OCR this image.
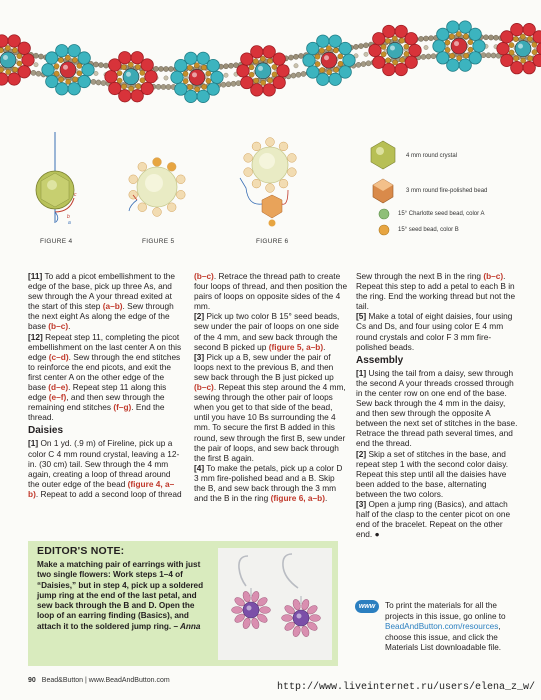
b
a
c
FIGURE 4	FIGURE 5	FIGURE 6
4 mm round crystal
3 mm round fire-polished bead
15° Charlotte seed bead, color A
15° seed bead, color B

[11] To add a picot embellishment to the edge of the base, pick up three As, and sew through the A your thread exited at the start of this step (a–b). Sew through the next eight As along the edge of the base (b–c).

[12] Repeat step 11, completing the picot embellishment on the last center A on this edge (c–d). Sew through the end stitches to reinforce the end picots, and exit the first center A on the other edge of the base (d–e). Repeat step 11 along this edge (e–f), and then sew through the remaining end stitches (f–g). End the thread.

Daisies

[1] On 1 yd. (.9 m) of Fireline, pick up a color C 4 mm round crystal, leaving a 12-in. (30 cm) tail. Sew through the 4 mm again, creating a loop of thread around the outer edge of the bead (figure 4, a–b). Repeat to add a second loop of thread

(b–c). Retrace the thread path to create four loops of thread, and then position the pairs of loops on opposite sides of the 4 mm.

[2] Pick up two color B 15° seed beads, sew under the pair of loops on one side of the 4 mm, and sew back through the second B picked up (figure 5, a–b).

[3] Pick up a B, sew under the pair of loops next to the previous B, and then sew back through the B just picked up (b–c). Repeat this step around the 4 mm, sewing through the other pair of loops when you get to that side of the bead, until you have 10 Bs surrounding the 4 mm. To secure the first B added in this round, sew through the first B, sew under the pair of loops, and sew back through the first B again.

[4] To make the petals, pick up a color D 3 mm fire-polished bead and a B. Skip the B, and sew back through the 3 mm and the B in the ring (figure 6, a–b).

Sew through the next B in the ring (b–c). Repeat this step to add a petal to each B in the ring. End the working thread but not the tail.

[5] Make a total of eight daisies, four using Cs and Ds, and four using color E 4 mm round crystals and color F 3 mm fire-polished beads.

Assembly

[1] Using the tail from a daisy, sew through the second A your threads crossed through in the center row on one end of the base. Sew back through the 4 mm in the daisy, and then sew through the opposite A between the next set of stitches in the base. Retrace the thread path several times, and end the thread.

[2] Skip a set of stitches in the base, and repeat step 1 with the second color daisy. Repeat this step until all the daisies have been added to the base, alternating between the two colors.

[3] Open a jump ring (Basics), and attach half of the clasp to the center picot on one end of the bracelet. Repeat on the other end. ●

EDITOR'S NOTE:

Make a matching pair of earrings with just two single flowers: Work steps 1–4 of “Daisies,” but in step 4, pick up a soldered jump ring at the end of the last petal, and sew back through the B and D. Open the loop of an earring finding (Basics), and attach it to the soldered jump ring. – Anna

www	To print the materials for all the projects in this issue, go online to BeadAndButton.com/resources, choose this issue, and click the Materials List downloadable file.
90 Bead&Button | www.BeadAndButton.com
http://www.liveinternet.ru/users/elena_z_w/
